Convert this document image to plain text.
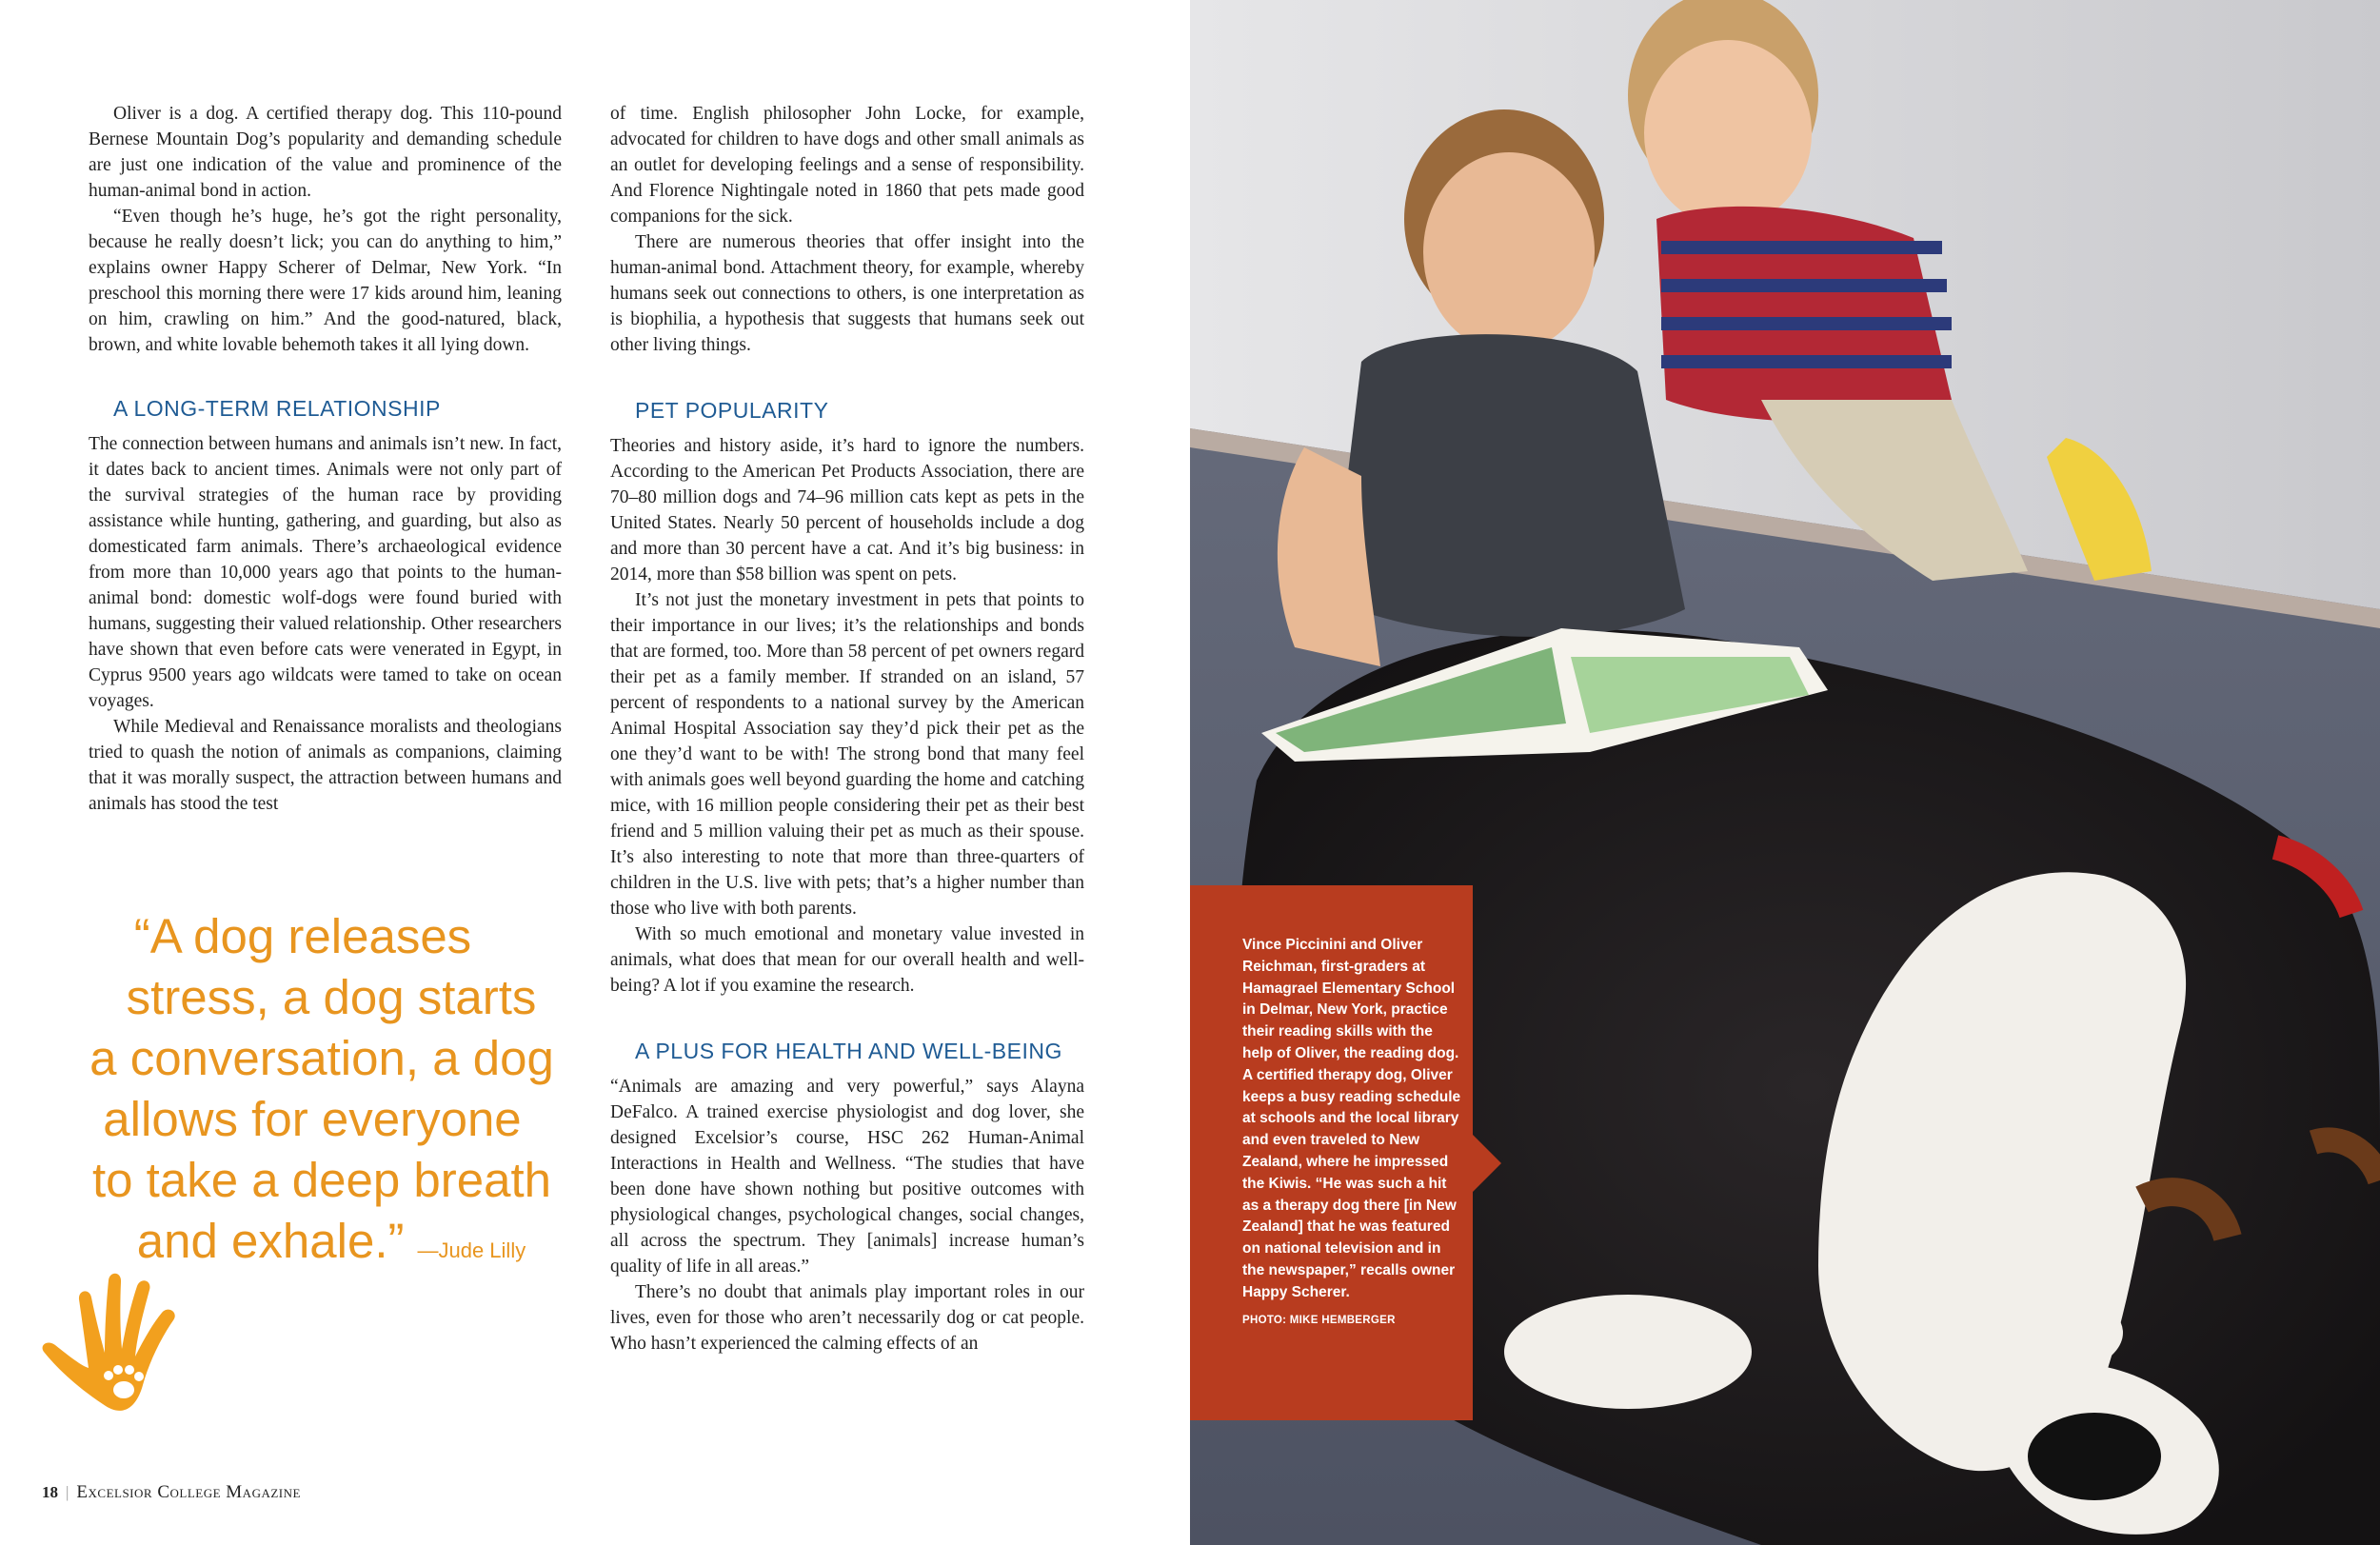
Oliver is a dog. A certified therapy dog. This 110-pound Bernese Mountain Dog’s popularity and demanding schedule are just one indication of the value and prominence of the human-animal bond in action.

“Even though he’s huge, he’s got the right personality, because he really doesn’t lick; you can do anything to him,” explains owner Happy Scherer of Delmar, New York. “In preschool this morning there were 17 kids around him, leaning on him, crawling on him.” And the good-natured, black, brown, and white lovable behemoth takes it all lying down.

A LONG-TERM RELATIONSHIP

The connection between humans and animals isn’t new. In fact, it dates back to ancient times. Animals were not only part of the survival strategies of the human race by providing assistance while hunting, gathering, and guarding, but also as domesticated farm animals. There’s archaeological evidence from more than 10,000 years ago that points to the human-animal bond: domestic wolf-dogs were found buried with humans, suggesting their valued relationship. Other researchers have shown that even before cats were venerated in Egypt, in Cyprus 9500 years ago wildcats were tamed to take on ocean voyages.

While Medieval and Renaissance moralists and theologians tried to quash the notion of animals as companions, claiming that it was morally suspect, the attraction between humans and animals has stood the test

of time. English philosopher John Locke, for example, advocated for children to have dogs and other small animals as an outlet for developing feelings and a sense of responsibility. And Florence Nightingale noted in 1860 that pets made good companions for the sick.

There are numerous theories that offer insight into the human-animal bond. Attachment theory, for example, whereby humans seek out connections to others, is one interpretation as is biophilia, a hypothesis that suggests that humans seek out other living things.

PET POPULARITY

Theories and history aside, it’s hard to ignore the numbers. According to the American Pet Products Association, there are 70–80 million dogs and 74–96 million cats kept as pets in the United States. Nearly 50 percent of households include a dog and more than 30 percent have a cat. And it’s big business: in 2014, more than $58 billion was spent on pets.

It’s not just the monetary investment in pets that points to their importance in our lives; it’s the relationships and bonds that are formed, too. More than 58 percent of pet owners regard their pet as a family member. If stranded on an island, 57 percent of respondents to a national survey by the American Animal Hospital Association say they’d pick their pet as the one they’d want to be with! The strong bond that many feel with animals goes well beyond guarding the home and catching mice, with 16 million people considering their pet as their best friend and 5 million valuing their pet as much as their spouse. It’s also interesting to note that more than three-quarters of children in the U.S. live with pets; that’s a higher number than those who live with both parents.

With so much emotional and monetary value invested in animals, what does that mean for our overall health and well-being? A lot if you examine the research.

A PLUS FOR HEALTH AND WELL-BEING

“Animals are amazing and very powerful,” says Alayna DeFalco. A trained exercise physiologist and dog lover, she designed Excelsior’s course, HSC 262 Human-Animal Interactions in Health and Wellness. “The studies that have been done have shown nothing but positive outcomes with physiological changes, psychological changes, social changes, all across the spectrum. They [animals] increase human’s quality of life in all areas.”

There’s no doubt that animals play important roles in our lives, even for those who aren’t necessarily dog or cat people. Who hasn’t experienced the calming effects of an

“A dog releases
stress, a dog starts
a conversation, a dog
allows for everyone
to take a deep breath
and exhale.” —Jude Lilly
18 | Excelsior College Magazine
Vince Piccinini and Oliver Reichman, first-graders at Hamagrael Elementary School in Delmar, New York, practice their reading skills with the help of Oliver, the reading dog. A certified therapy dog, Oliver keeps a busy reading schedule at schools and the local library and even traveled to New Zealand, where he impressed the Kiwis. “He was such a hit as a therapy dog there [in New Zealand] that he was featured on national television and in the newspaper,” recalls owner Happy Scherer.
PHOTO: MIKE HEMBERGER
